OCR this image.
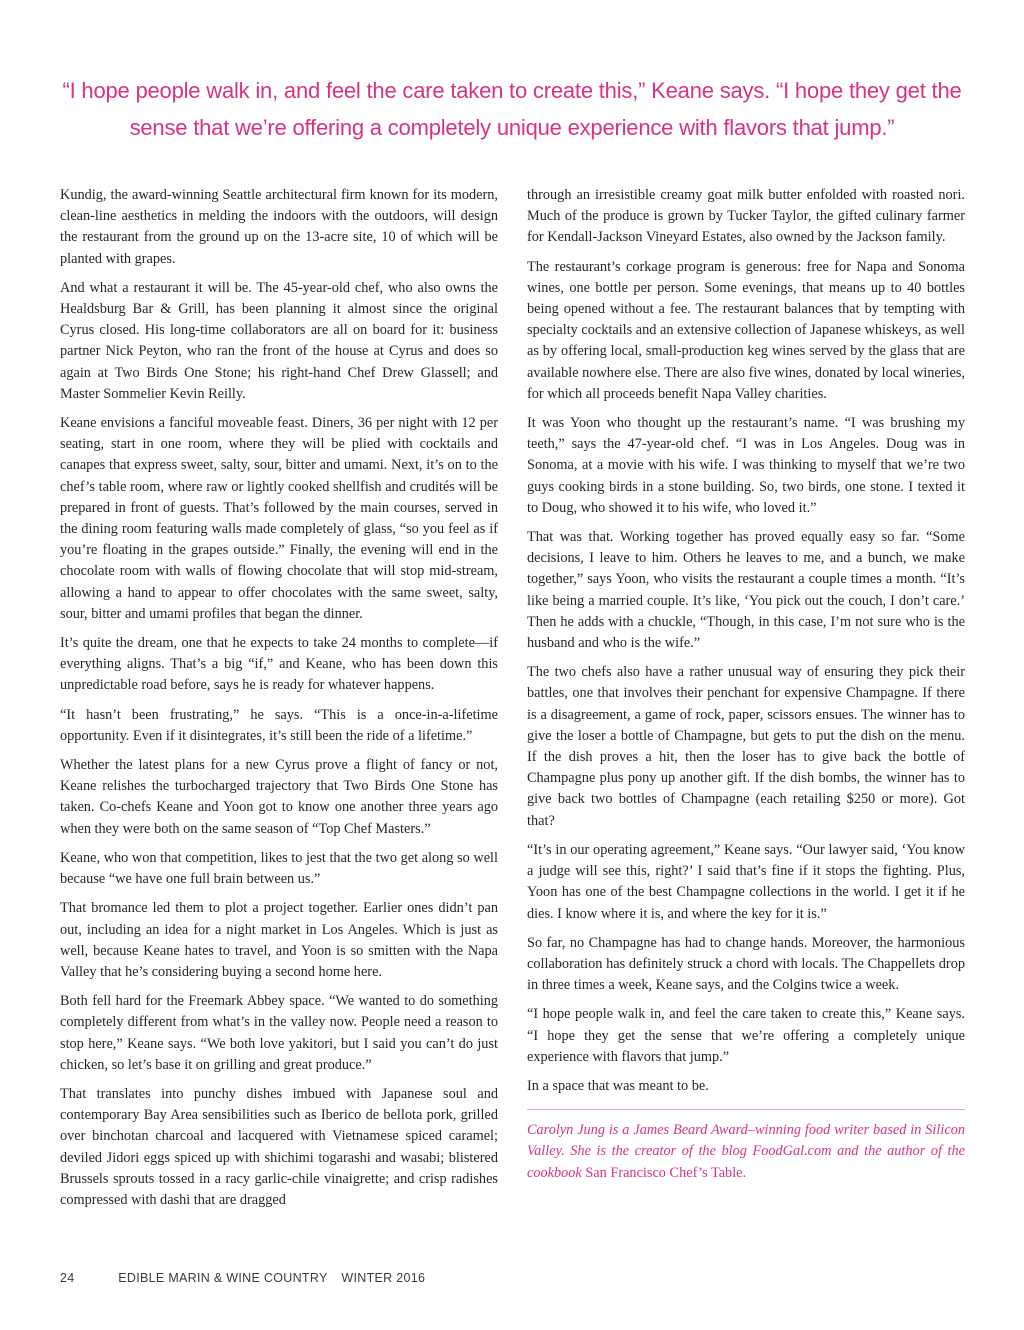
“I hope people walk in, and feel the care taken to create this,” Keane says. “I hope they get the sense that we’re offering a completely unique experience with flavors that jump.”

Kundig, the award-winning Seattle architectural firm known for its modern, clean-line aesthetics in melding the indoors with the outdoors, will design the restaurant from the ground up on the 13-acre site, 10 of which will be planted with grapes.

And what a restaurant it will be. The 45-year-old chef, who also owns the Healdsburg Bar & Grill, has been planning it almost since the original Cyrus closed. His long-time collaborators are all on board for it: business partner Nick Peyton, who ran the front of the house at Cyrus and does so again at Two Birds One Stone; his right-hand Chef Drew Glassell; and Master Sommelier Kevin Reilly.

Keane envisions a fanciful moveable feast. Diners, 36 per night with 12 per seating, start in one room, where they will be plied with cocktails and canapes that express sweet, salty, sour, bitter and umami. Next, it’s on to the chef’s table room, where raw or lightly cooked shellfish and crudités will be prepared in front of guests. That’s followed by the main courses, served in the dining room featuring walls made completely of glass, “so you feel as if you’re floating in the grapes outside.” Finally, the evening will end in the chocolate room with walls of flowing chocolate that will stop mid-stream, allowing a hand to appear to offer chocolates with the same sweet, salty, sour, bitter and umami profiles that began the dinner.

It’s quite the dream, one that he expects to take 24 months to complete—if everything aligns. That’s a big “if,” and Keane, who has been down this unpredictable road before, says he is ready for whatever happens.

“It hasn’t been frustrating,” he says. “This is a once-in-a-lifetime opportunity. Even if it disintegrates, it’s still been the ride of a lifetime.”

Whether the latest plans for a new Cyrus prove a flight of fancy or not, Keane relishes the turbocharged trajectory that Two Birds One Stone has taken. Co-chefs Keane and Yoon got to know one another three years ago when they were both on the same season of “Top Chef Masters.”

Keane, who won that competition, likes to jest that the two get along so well because “we have one full brain between us.”

That bromance led them to plot a project together. Earlier ones didn’t pan out, including an idea for a night market in Los Angeles. Which is just as well, because Keane hates to travel, and Yoon is so smitten with the Napa Valley that he’s considering buying a second home here.

Both fell hard for the Freemark Abbey space. “We wanted to do something completely different from what’s in the valley now. People need a reason to stop here,” Keane says. “We both love yakitori, but I said you can’t do just chicken, so let’s base it on grilling and great produce.”

That translates into punchy dishes imbued with Japanese soul and contemporary Bay Area sensibilities such as Iberico de bellota pork, grilled over binchotan charcoal and lacquered with Vietnamese spiced caramel; deviled Jidori eggs spiced up with shichimi togarashi and wasabi; blistered Brussels sprouts tossed in a racy garlic-chile vinaigrette; and crisp radishes compressed with dashi that are dragged

through an irresistible creamy goat milk butter enfolded with roasted nori. Much of the produce is grown by Tucker Taylor, the gifted culinary farmer for Kendall-Jackson Vineyard Estates, also owned by the Jackson family.

The restaurant’s corkage program is generous: free for Napa and Sonoma wines, one bottle per person. Some evenings, that means up to 40 bottles being opened without a fee. The restaurant balances that by tempting with specialty cocktails and an extensive collection of Japanese whiskeys, as well as by offering local, small-production keg wines served by the glass that are available nowhere else. There are also five wines, donated by local wineries, for which all proceeds benefit Napa Valley charities.

It was Yoon who thought up the restaurant’s name. “I was brushing my teeth,” says the 47-year-old chef. “I was in Los Angeles. Doug was in Sonoma, at a movie with his wife. I was thinking to myself that we’re two guys cooking birds in a stone building. So, two birds, one stone. I texted it to Doug, who showed it to his wife, who loved it.”

That was that. Working together has proved equally easy so far. “Some decisions, I leave to him. Others he leaves to me, and a bunch, we make together,” says Yoon, who visits the restaurant a couple times a month. “It’s like being a married couple. It’s like, ‘You pick out the couch, I don’t care.’ Then he adds with a chuckle, “Though, in this case, I’m not sure who is the husband and who is the wife.”

The two chefs also have a rather unusual way of ensuring they pick their battles, one that involves their penchant for expensive Champagne. If there is a disagreement, a game of rock, paper, scissors ensues. The winner has to give the loser a bottle of Champagne, but gets to put the dish on the menu. If the dish proves a hit, then the loser has to give back the bottle of Champagne plus pony up another gift. If the dish bombs, the winner has to give back two bottles of Champagne (each retailing $250 or more). Got that?

“It’s in our operating agreement,” Keane says. “Our lawyer said, ‘You know a judge will see this, right?’ I said that’s fine if it stops the fighting. Plus, Yoon has one of the best Champagne collections in the world. I get it if he dies. I know where it is, and where the key for it is.”

So far, no Champagne has had to change hands. Moreover, the harmonious collaboration has definitely struck a chord with locals. The Chappellets drop in three times a week, Keane says, and the Colgins twice a week.

“I hope people walk in, and feel the care taken to create this,” Keane says. “I hope they get the sense that we’re offering a completely unique experience with flavors that jump.”

In a space that was meant to be.

Carolyn Jung is a James Beard Award–winning food writer based in Silicon Valley. She is the creator of the blog FoodGal.com and the author of the cookbook San Francisco Chef’s Table.

24	EDIBLE MARIN & WINE COUNTRY WINTER 2016
